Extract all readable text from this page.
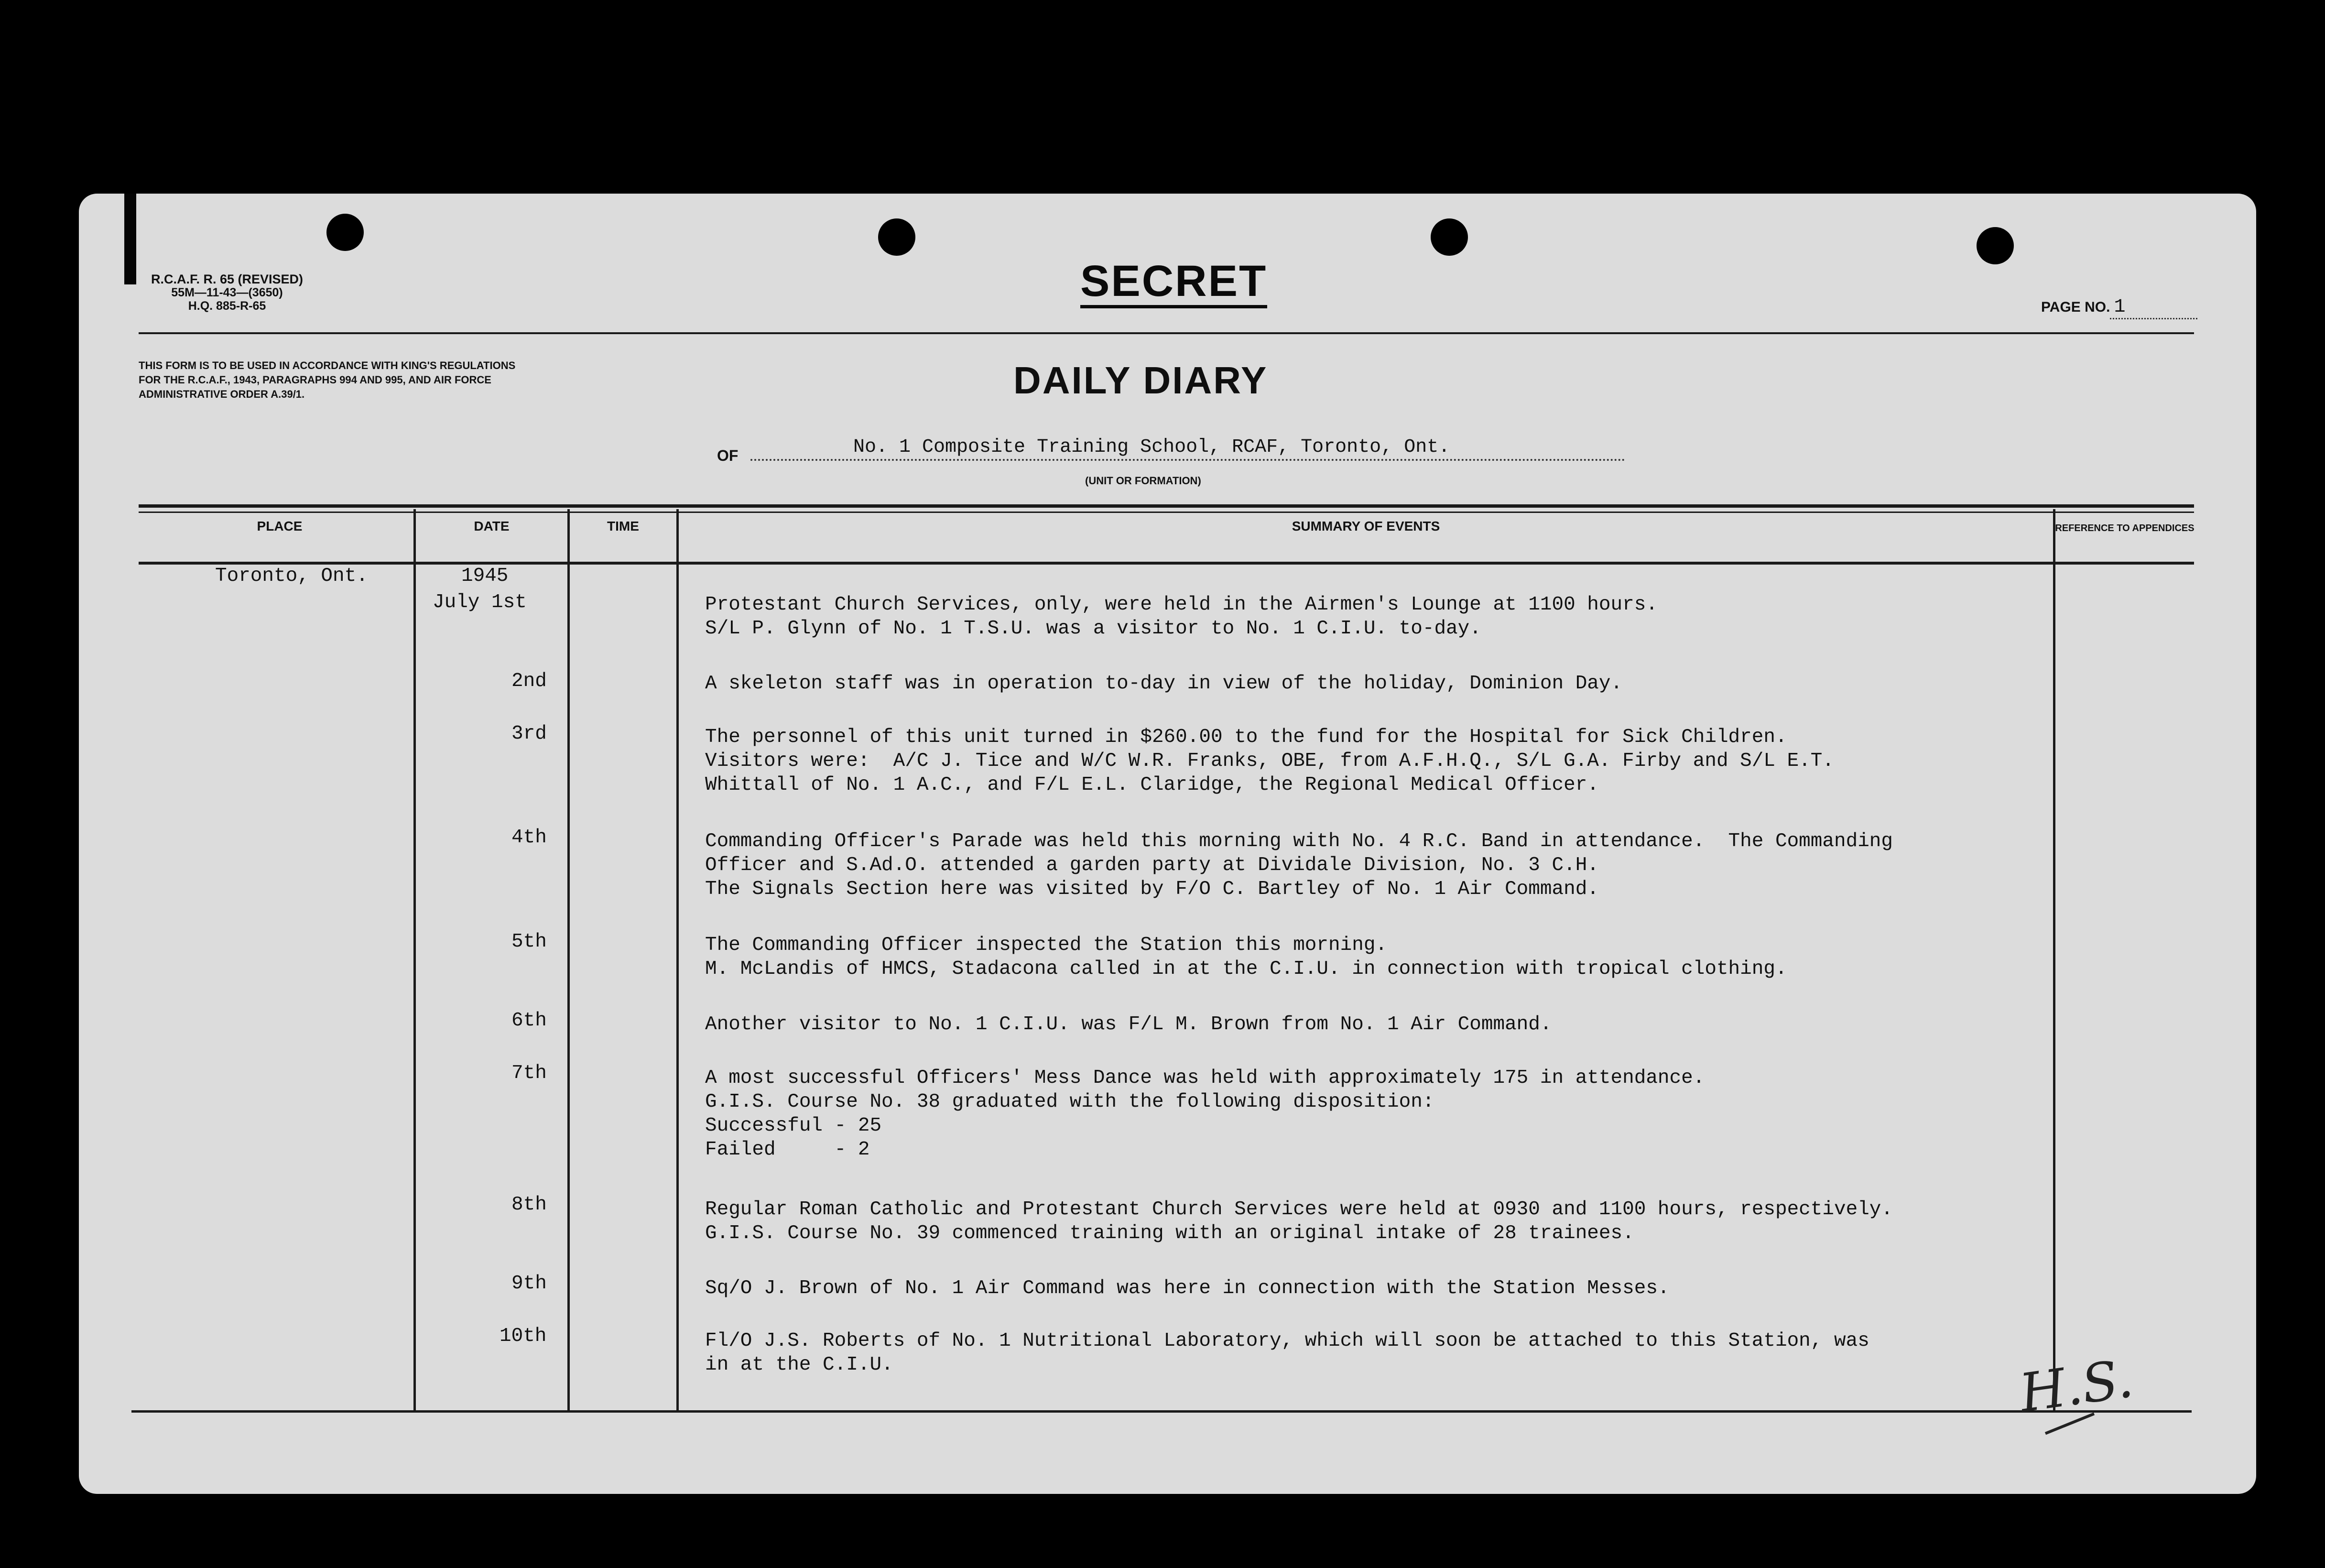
R.C.A.F. R. 65 (REVISED)
55M—11-43—(3650)
H.Q. 885-R-65
SECRET
PAGE NO. 1
THIS FORM IS TO BE USED IN ACCORDANCE WITH KING'S REGULATIONS FOR THE R.C.A.F., 1943, PARAGRAPHS 994 AND 995, AND AIR FORCE ADMINISTRATIVE ORDER A.39/1.	DAILY DIARY
OF	No. 1 Composite Training School, RCAF, Toronto, Ont.
(UNIT OR FORMATION)
PLACE	DATE	TIME	SUMMARY OF EVENTS	REFERENCE TO APPENDICES
Toronto, Ont.	1945
July 1st	Protestant Church Services, only, were held in the Airmen's Lounge at 1100 hours.
S/L P. Glynn of No. 1 T.S.U. was a visitor to No. 1 C.I.U. to-day.
2nd	A skeleton staff was in operation to-day in view of the holiday, Dominion Day.
3rd	The personnel of this unit turned in $260.00 to the fund for the Hospital for Sick Children.
Visitors were:  A/C J. Tice and W/C W.R. Franks, OBE, from A.F.H.Q., S/L G.A. Firby and S/L E.T.
Whittall of No. 1 A.C., and F/L E.L. Claridge, the Regional Medical Officer.
4th	Commanding Officer's Parade was held this morning with No. 4 R.C. Band in attendance.  The Commanding
Officer and S.Ad.O. attended a garden party at Dividale Division, No. 3 C.H.
The Signals Section here was visited by F/O C. Bartley of No. 1 Air Command.
5th	The Commanding Officer inspected the Station this morning.
M. McLandis of HMCS, Stadacona called in at the C.I.U. in connection with tropical clothing.
6th	Another visitor to No. 1 C.I.U. was F/L M. Brown from No. 1 Air Command.
7th	A most successful Officers' Mess Dance was held with approximately 175 in attendance.
G.I.S. Course No. 38 graduated with the following disposition:
Successful - 25
Failed     - 2
8th	Regular Roman Catholic and Protestant Church Services were held at 0930 and 1100 hours, respectively.
G.I.S. Course No. 39 commenced training with an original intake of 28 trainees.
9th	Sq/O J. Brown of No. 1 Air Command was here in connection with the Station Messes.
10th	Fl/O J.S. Roberts of No. 1 Nutritional Laboratory, which will soon be attached to this Station, was
in at the C.I.U.	H.S.
